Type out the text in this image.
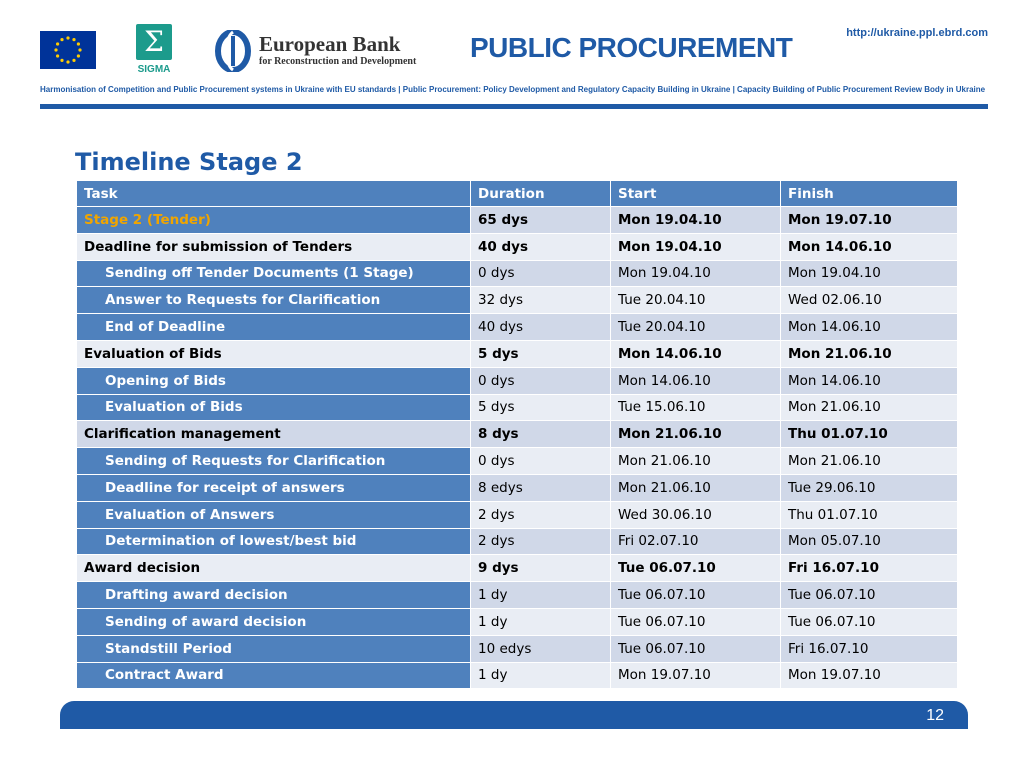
Σ
SIGMA
European Bank
for Reconstruction and Development PUBLIC PROCUREMENT	http://ukraine.ppl.ebrd.com
Harmonisation of Competition and Public Procurement systems in Ukraine with EU standards | Public Procurement: Policy Development and Regulatory Capacity Building in Ukraine | Capacity Building of Public Procurement Review Body in Ukraine
Timeline Stage 2
Task	Duration	Start	Finish
Stage 2 (Tender)	65 dys	Mon 19.04.10	Mon 19.07.10
Deadline for submission of Tenders	40 dys	Mon 19.04.10	Mon 14.06.10
Sending off Tender Documents (1 Stage)	0 dys	Mon 19.04.10	Mon 19.04.10
Answer to Requests for Clarification	32 dys	Tue 20.04.10	Wed 02.06.10
End of Deadline	40 dys	Tue 20.04.10	Mon 14.06.10
Evaluation of Bids	5 dys	Mon 14.06.10	Mon 21.06.10
Opening of Bids	0 dys	Mon 14.06.10	Mon 14.06.10
Evaluation of Bids	5 dys	Tue 15.06.10	Mon 21.06.10
Clarification management	8 dys	Mon 21.06.10	Thu 01.07.10
Sending of Requests for Clarification	0 dys	Mon 21.06.10	Mon 21.06.10
Deadline for receipt of answers	8 edys	Mon 21.06.10	Tue 29.06.10
Evaluation of Answers	2 dys	Wed 30.06.10	Thu 01.07.10
Determination of lowest/best bid	2 dys	Fri 02.07.10	Mon 05.07.10
Award decision	9 dys	Tue 06.07.10	Fri 16.07.10
Drafting award decision	1 dy	Tue 06.07.10	Tue 06.07.10
Sending of award decision	1 dy	Tue 06.07.10	Tue 06.07.10
Standstill Period	10 edys	Tue 06.07.10	Fri 16.07.10
Contract Award	1 dy	Mon 19.07.10	Mon 19.07.10
12
